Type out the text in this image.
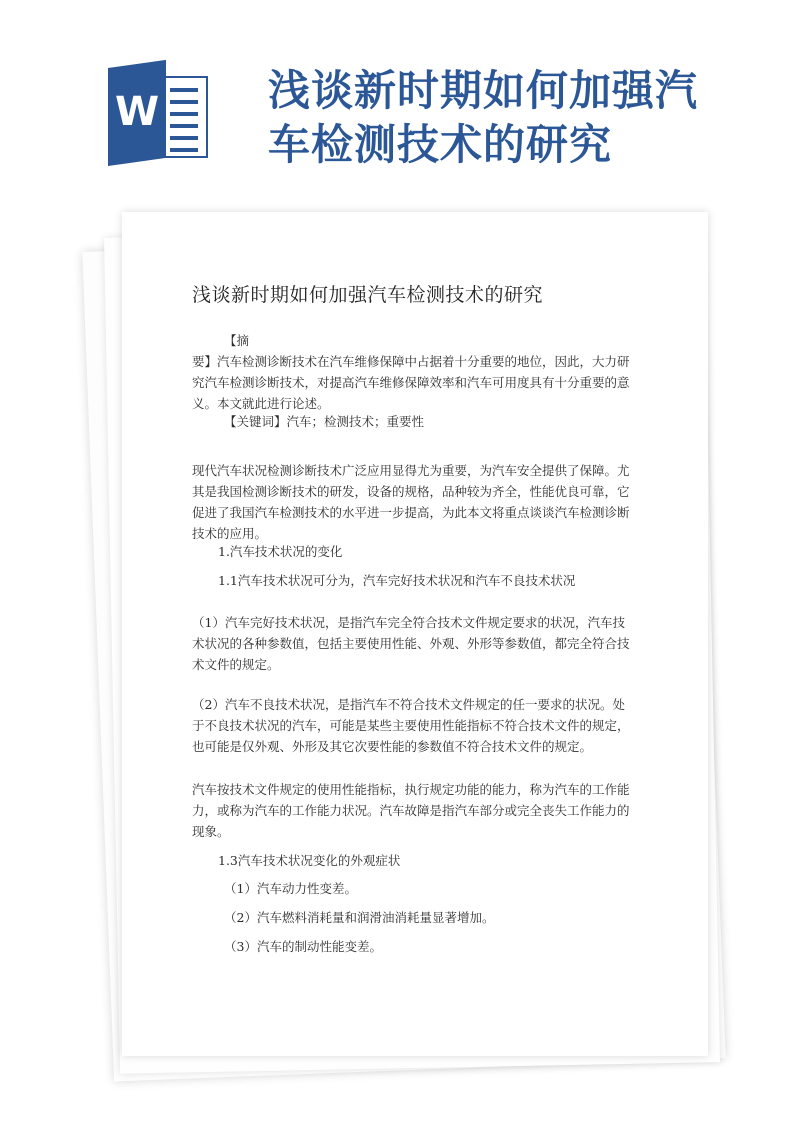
W	浅谈新时期如何加强汽车检测技术的研究
浅谈新时期如何加强汽车检测技术的研究
【摘
要】汽车检测诊断技术在汽车维修保障中占据着十分重要的地位，因此，大力研究汽车检测诊断技术，对提高汽车维修保障效率和汽车可用度具有十分重要的意义。本文就此进行论述。
【关键词】汽车；检测技术；重要性
现代汽车状况检测诊断技术广泛应用显得尤为重要，为汽车安全提供了保障。尤其是我国检测诊断技术的研发，设备的规格，品种较为齐全，性能优良可靠，它促进了我国汽车检测技术的水平进一步提高，为此本文将重点谈谈汽车检测诊断技术的应用。
1.汽车技术状况的变化
1.1汽车技术状况可分为，汽车完好技术状况和汽车不良技术状况
（1）汽车完好技术状况，是指汽车完全符合技术文件规定要求的状况，汽车技术状况的各种参数值，包括主要使用性能、外观、外形等参数值，都完全符合技术文件的规定。
（2）汽车不良技术状况，是指汽车不符合技术文件规定的任一要求的状况。处于不良技术状况的汽车，可能是某些主要使用性能指标不符合技术文件的规定，也可能是仅外观、外形及其它次要性能的参数值不符合技术文件的规定。
汽车按技术文件规定的使用性能指标，执行规定功能的能力，称为汽车的工作能力，或称为汽车的工作能力状况。汽车故障是指汽车部分或完全丧失工作能力的现象。
1.3汽车技术状况变化的外观症状
（1）汽车动力性变差。
（2）汽车燃料消耗量和润滑油消耗量显著增加。
（3）汽车的制动性能变差。
